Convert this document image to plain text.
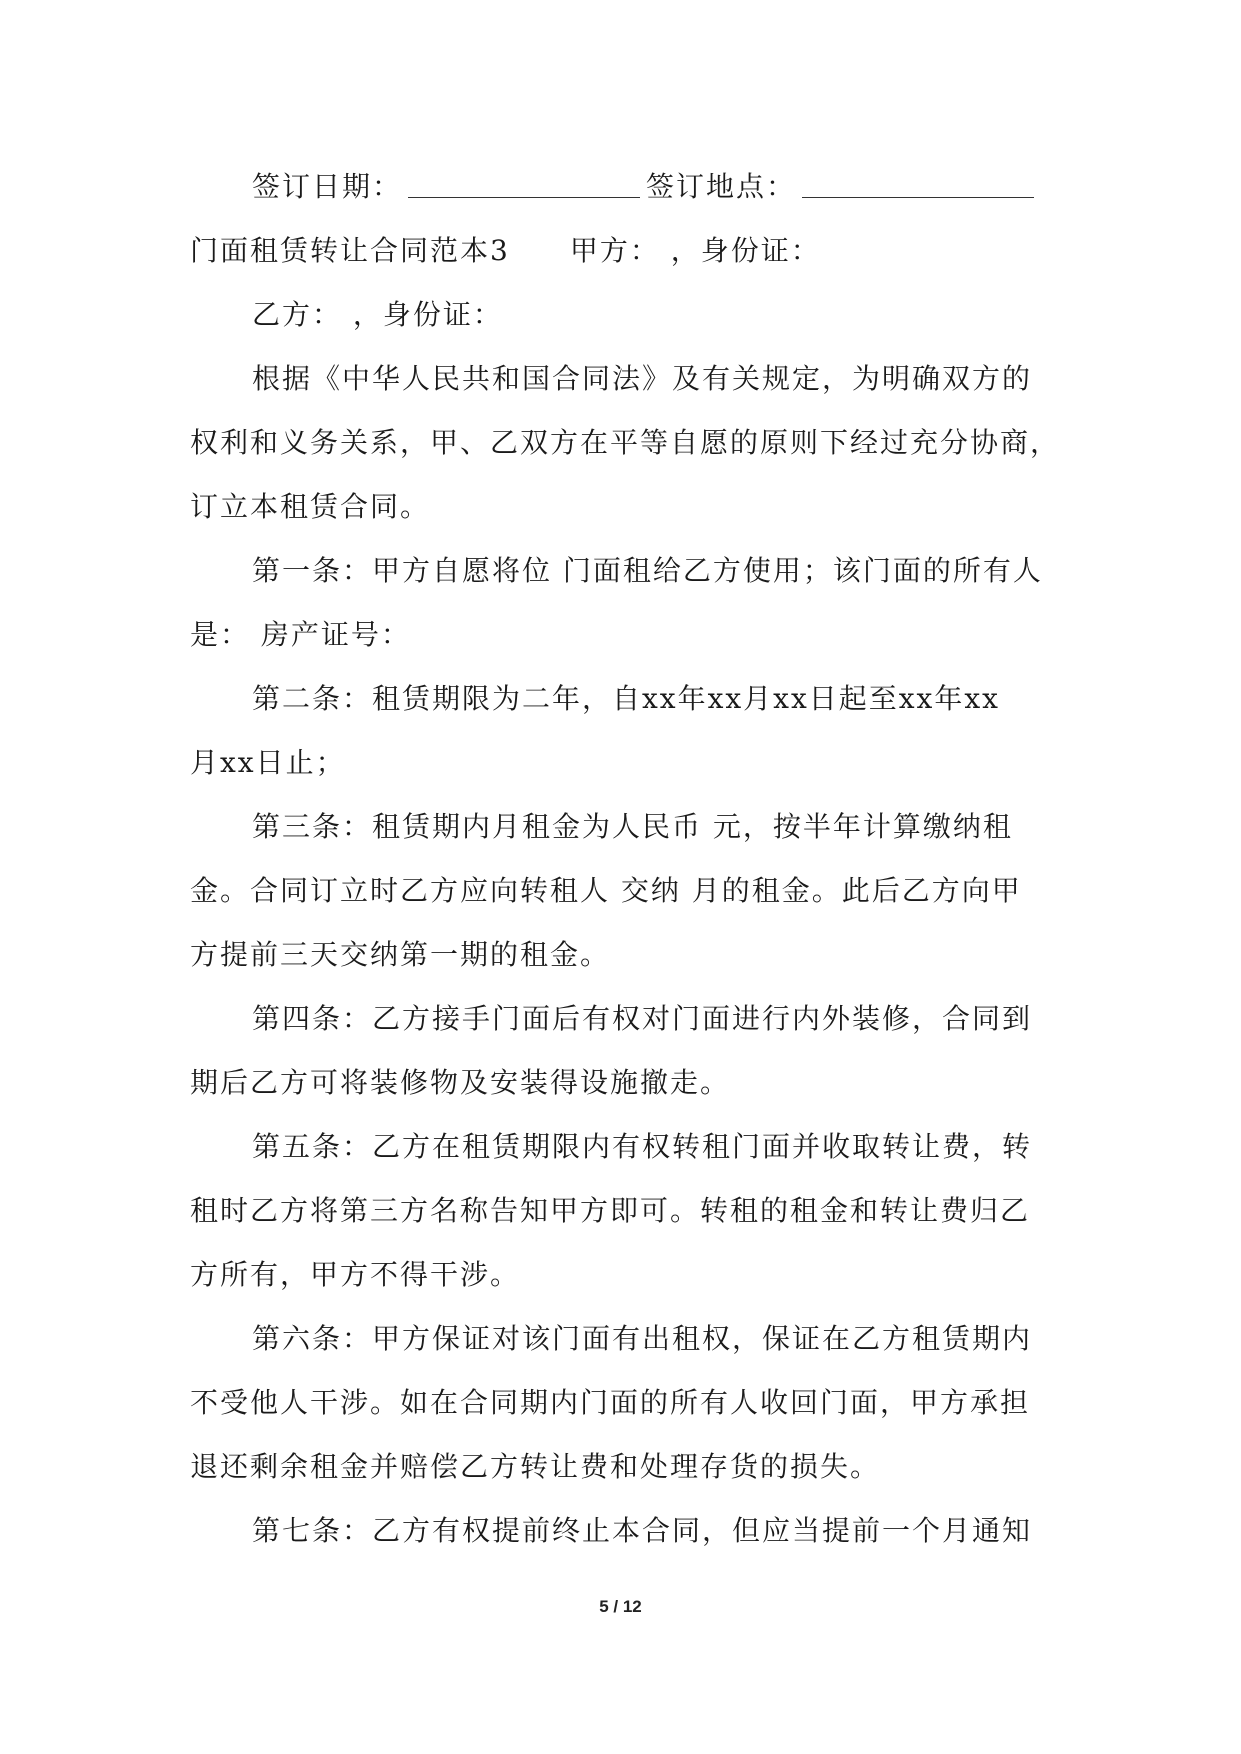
签订日期：	签订地点：
门面租赁转让合同范本3 甲方： ，身份证：
乙方： ，身份证：
根据《中华人民共和国合同法》及有关规定，为明确双方的
权利和义务关系，甲、乙双方在平等自愿的原则下经过充分协商，
订立本租赁合同。
第一条：甲方自愿将位 门面租给乙方使用；该门面的所有人
是： 房产证号：
第二条：租赁期限为二年，自xx年xx月xx日起至xx年xx
月xx日止；
第三条：租赁期内月租金为人民币 元，按半年计算缴纳租
金。合同订立时乙方应向转租人 交纳 月的租金。此后乙方向甲
方提前三天交纳第一期的租金。
第四条：乙方接手门面后有权对门面进行内外装修，合同到
期后乙方可将装修物及安装得设施撤走。
第五条：乙方在租赁期限内有权转租门面并收取转让费，转
租时乙方将第三方名称告知甲方即可。转租的租金和转让费归乙
方所有，甲方不得干涉。
第六条：甲方保证对该门面有出租权，保证在乙方租赁期内
不受他人干涉。如在合同期内门面的所有人收回门面，甲方承担
退还剩余租金并赔偿乙方转让费和处理存货的损失。
第七条：乙方有权提前终止本合同，但应当提前一个月通知
5 / 12
